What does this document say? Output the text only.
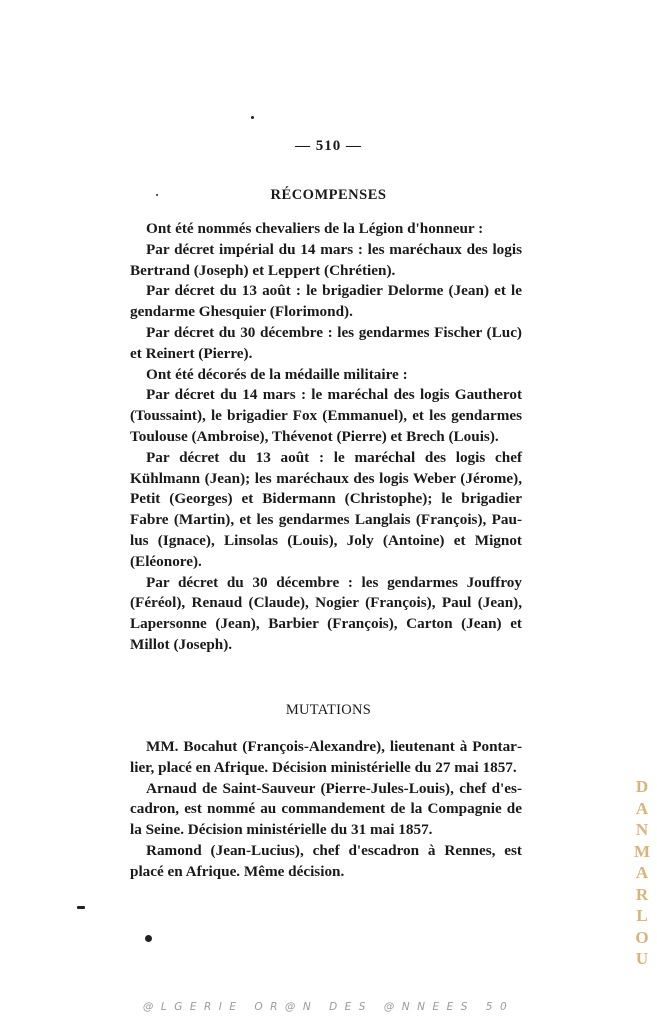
— 510 —
RÉCOMPENSES

Ont été nommés chevaliers de la Légion d'honneur :

Par décret impérial du 14 mars : les maréchaux des logis Bertrand (Joseph) et Leppert (Chrétien).

Par décret du 13 août : le brigadier Delorme (Jean) et le gendarme Ghesquier (Florimond).

Par décret du 30 décembre : les gendarmes Fischer (Luc) et Reinert (Pierre).

Ont été décorés de la médaille militaire :

Par décret du 14 mars : le maréchal des logis Gautherot (Toussaint), le brigadier Fox (Emmanuel), et les gendarmes Toulouse (Ambroise), Thévenot (Pierre) et Brech (Louis).

Par décret du 13 août : le maréchal des logis chef Kühlmann (Jean); les maréchaux des logis Weber (Jérome), Petit (Georges) et Bidermann (Christophe); le brigadier Fabre (Martin), et les gendarmes Langlais (François), Paulus (Ignace), Linsolas (Louis), Joly (Antoine) et Mignot (Eléonore).

Par décret du 30 décembre : les gendarmes Jouffroy (Féréol), Renaud (Claude), Nogier (François), Paul (Jean), Lapersonne (Jean), Barbier (François), Carton (Jean) et Millot (Joseph).

MUTATIONS

MM. Bocahut (François-Alexandre), lieutenant à Pontarlier, placé en Afrique. Décision ministérielle du 27 mai 1857.

Arnaud de Saint-Sauveur (Pierre-Jules-Louis), chef d'escadron, est nommé au commandement de la Compagnie de la Seine. Décision ministérielle du 31 mai 1857.

Ramond (Jean-Lucius), chef d'escadron à Rennes, est placé en Afrique. Même décision.

D
A
N
M
A
R
L
O
U
@LGERIE OR@N DES @NNEES 50
